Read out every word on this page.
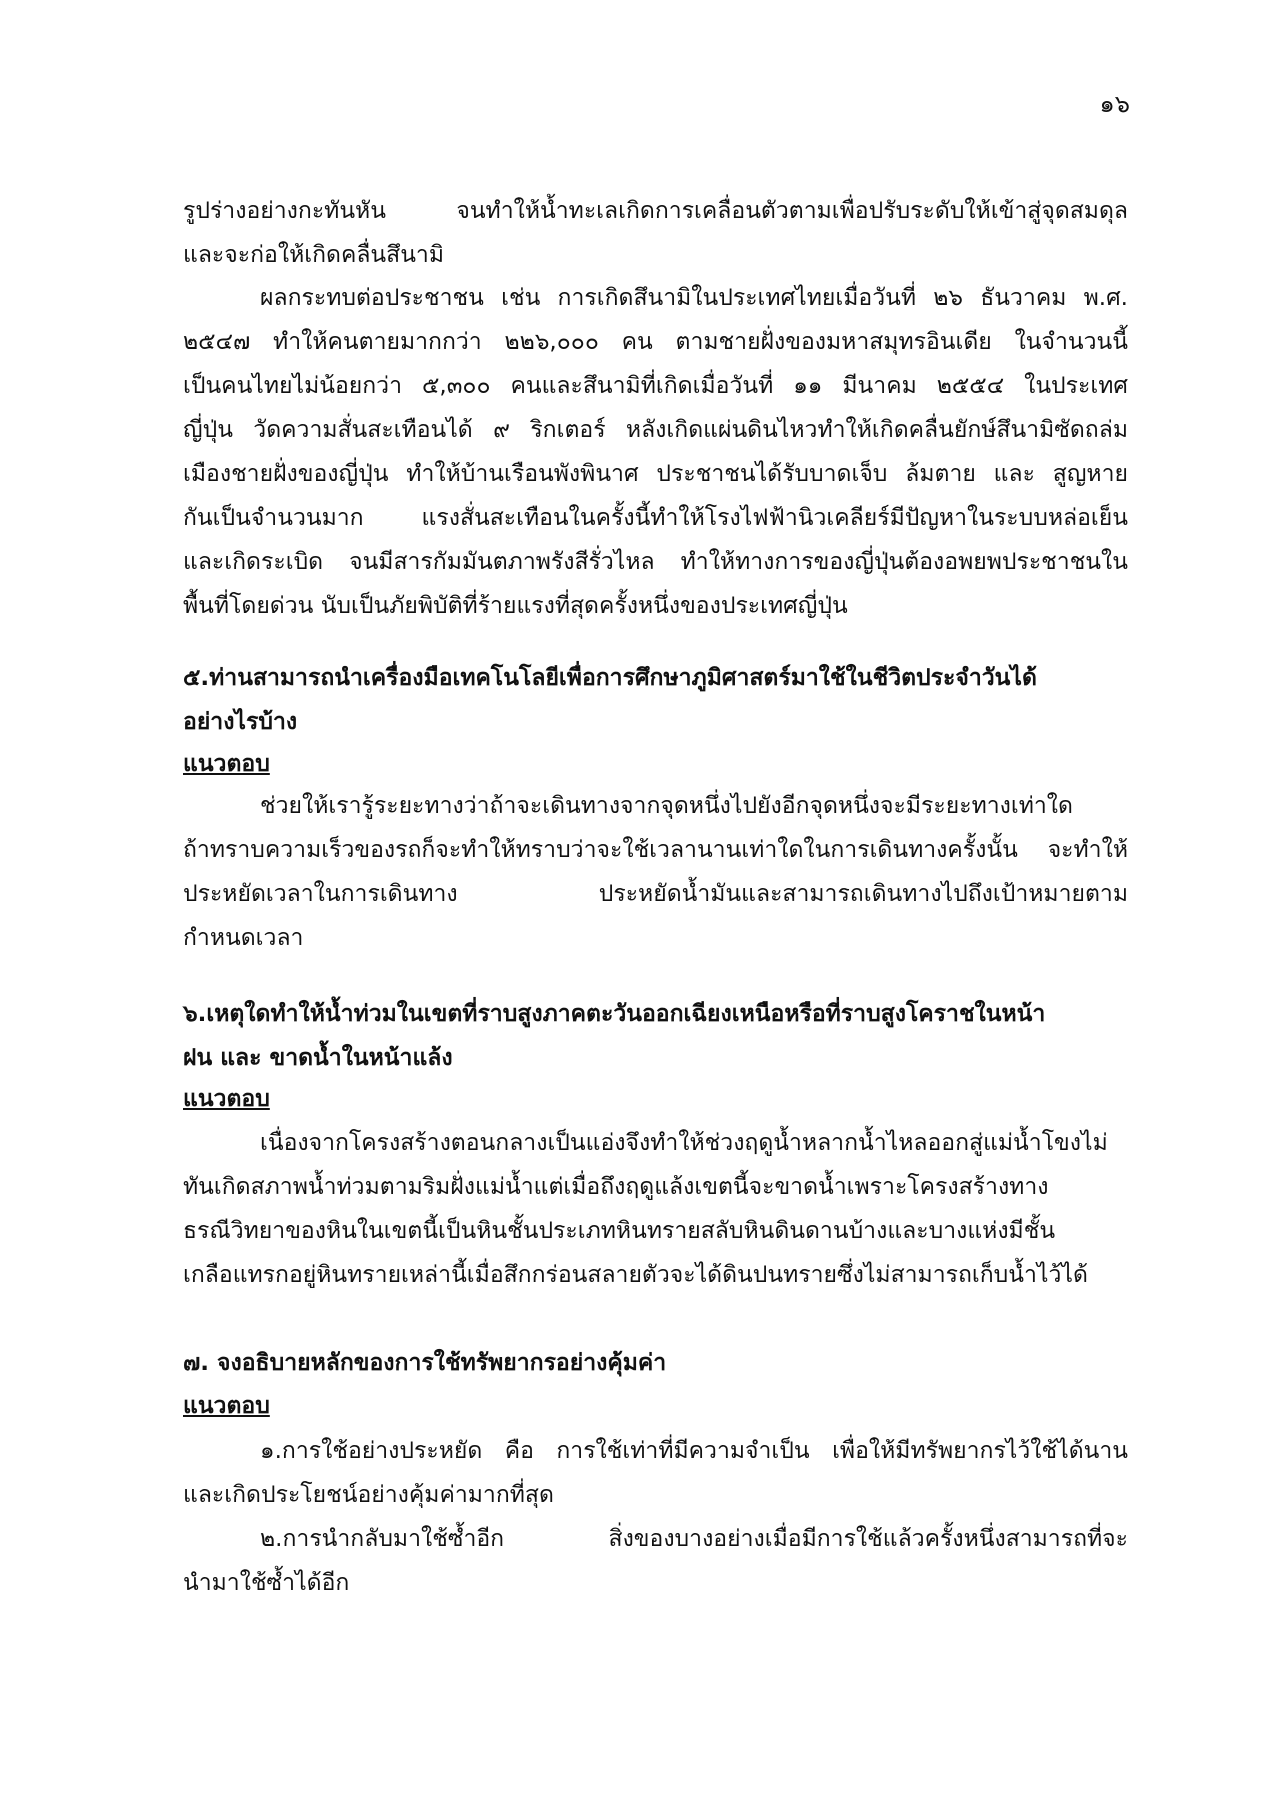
๑๖
รูปร่างอย่างกะทันหัน จนทำให้น้ำทะเลเกิดการเคลื่อนตัวตามเพื่อปรับระดับให้เข้าสู่จุดสมดุล
และจะก่อให้เกิดคลื่นสึนามิ
ผลกระทบต่อประชาชน เช่น การเกิดสึนามิในประเทศไทยเมื่อวันที่ ๒๖ ธันวาคม พ.ศ.
๒๕๔๗ ทำให้คนตายมากกว่า ๒๒๖,๐๐๐ คน ตามชายฝั่งของมหาสมุทรอินเดีย ในจำนวนนี้
เป็นคนไทยไม่น้อยกว่า ๕,๓๐๐ คนและสึนามิที่เกิดเมื่อวันที่ ๑๑ มีนาคม ๒๕๕๔ ในประเทศ
ญี่ปุ่น วัดความสั่นสะเทือนได้ ๙ ริกเตอร์ หลังเกิดแผ่นดินไหวทำให้เกิดคลื่นยักษ์สึนามิซัดถล่ม
เมืองชายฝั่งของญี่ปุ่น ทำให้บ้านเรือนพังพินาศ ประชาชนได้รับบาดเจ็บ ล้มตาย และ สูญหาย
กันเป็นจำนวนมาก แรงสั่นสะเทือนในครั้งนี้ทำให้โรงไฟฟ้านิวเคลียร์มีปัญหาในระบบหล่อเย็น
และเกิดระเบิด จนมีสารกัมมันตภาพรังสีรั่วไหล ทำให้ทางการของญี่ปุ่นต้องอพยพประชาชนใน
พื้นที่โดยด่วน นับเป็นภัยพิบัติที่ร้ายแรงที่สุดครั้งหนึ่งของประเทศญี่ปุ่น
๕.ท่านสามารถนำเครื่องมือเทคโนโลยีเพื่อการศึกษาภูมิศาสตร์มาใช้ในชีวิตประจำวันได้
อย่างไรบ้าง
แนวตอบ
ช่วยให้เรารู้ระยะทางว่าถ้าจะเดินทางจากจุดหนึ่งไปยังอีกจุดหนึ่งจะมีระยะทางเท่าใด
ถ้าทราบความเร็วของรถก็จะทำให้ทราบว่าจะใช้เวลานานเท่าใดในการเดินทางครั้งนั้น จะทำให้
ประหยัดเวลาในการเดินทาง ประหยัดน้ำมันและสามารถเดินทางไปถึงเป้าหมายตาม
กำหนดเวลา
๖.เหตุใดทำให้น้ำท่วมในเขตที่ราบสูงภาคตะวันออกเฉียงเหนือหรือที่ราบสูงโคราชในหน้า
ฝน และ ขาดน้ำในหน้าแล้ง
แนวตอบ
เนื่องจากโครงสร้างตอนกลางเป็นแอ่งจึงทำให้ช่วงฤดูน้ำหลากน้ำไหลออกสู่แม่น้ำโขงไม่
ทันเกิดสภาพน้ำท่วมตามริมฝั่งแม่น้ำแต่เมื่อถึงฤดูแล้งเขตนี้จะขาดน้ำเพราะโครงสร้างทาง
ธรณีวิทยาของหินในเขตนี้เป็นหินชั้นประเภทหินทรายสลับหินดินดานบ้างและบางแห่งมีชั้น
เกลือแทรกอยู่หินทรายเหล่านี้เมื่อสึกกร่อนสลายตัวจะได้ดินปนทรายซึ่งไม่สามารถเก็บน้ำไว้ได้
๗. จงอธิบายหลักของการใช้ทรัพยากรอย่างคุ้มค่า
แนวตอบ
๑.การใช้อย่างประหยัด คือ การใช้เท่าที่มีความจำเป็น เพื่อให้มีทรัพยากรไว้ใช้ได้นาน
และเกิดประโยชน์อย่างคุ้มค่ามากที่สุด
๒.การนำกลับมาใช้ซ้ำอีก สิ่งของบางอย่างเมื่อมีการใช้แล้วครั้งหนึ่งสามารถที่จะ
นำมาใช้ซ้ำได้อีก
